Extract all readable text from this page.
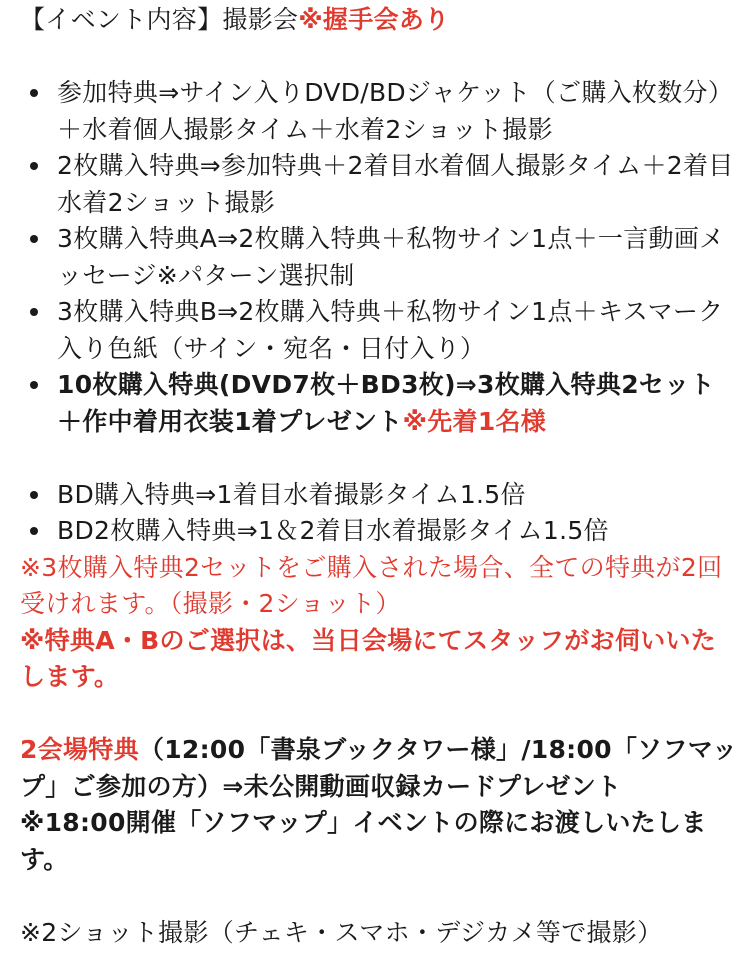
【イベント内容】撮影会※握手会あり

参加特典⇒サイン入りDVD/BDジャケット（ご購入枚数分）＋水着個人撮影タイム＋水着2ショット撮影
2枚購入特典⇒参加特典＋2着目水着個人撮影タイム＋2着目水着2ショット撮影
3枚購入特典A⇒2枚購入特典＋私物サイン1点＋一言動画メッセージ※パターン選択制
3枚購入特典B⇒2枚購入特典＋私物サイン1点＋キスマーク入り色紙（サイン・宛名・日付入り）
10枚購入特典(DVD7枚＋BD3枚)⇒3枚購入特典2セット＋作中着用衣装1着プレゼント※先着1名様
BD購入特典⇒1着目水着撮影タイム1.5倍
BD2枚購入特典⇒1＆2着目水着撮影タイム1.5倍

※3枚購入特典2セットをご購入された場合、全ての特典が2回受けれます。（撮影・2ショット）

※特典A・Bのご選択は、当日会場にてスタッフがお伺いいたします。

2会場特典（12:00「書泉ブックタワー様」/18:00「ソフマップ」ご参加の方）⇒未公開動画収録カードプレゼント

※18:00開催「ソフマップ」イベントの際にお渡しいたします。

※2ショット撮影（チェキ・スマホ・デジカメ等で撮影）
